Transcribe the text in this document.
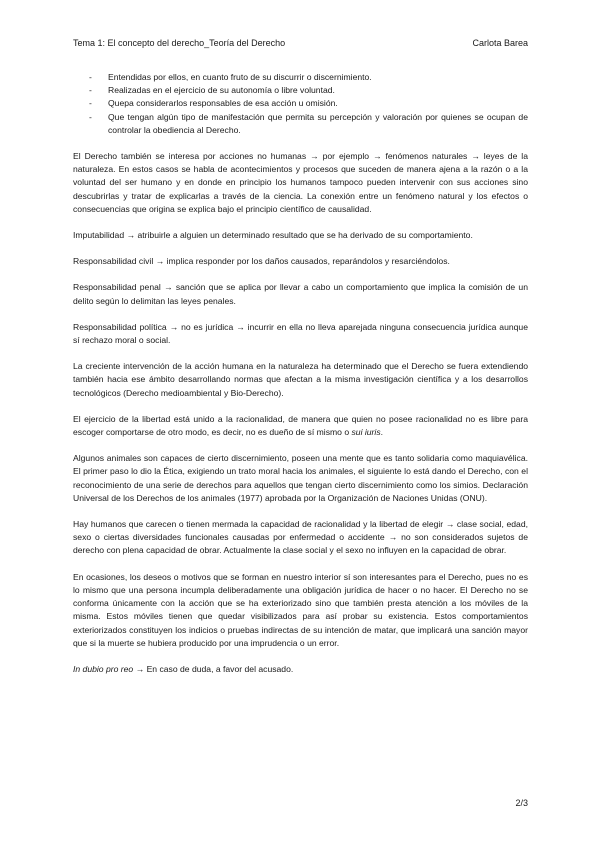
Tema 1: El concepto del derecho_Teoría del Derecho	Carlota Barea
- Entendidas por ellos, en cuanto fruto de su discurrir o discernimiento.
- Realizadas en el ejercicio de su autonomía o libre voluntad.
- Quepa considerarlos responsables de esa acción u omisión.
- Que tengan algún tipo de manifestación que permita su percepción y valoración por quienes se ocupan de controlar la obediencia al Derecho.

El Derecho también se interesa por acciones no humanas → por ejemplo → fenómenos naturales → leyes de la naturaleza. En estos casos se habla de acontecimientos y procesos que suceden de manera ajena a la razón o a la voluntad del ser humano y en donde en principio los humanos tampoco pueden intervenir con sus acciones sino descubrirlas y tratar de explicarlas a través de la ciencia. La conexión entre un fenómeno natural y los efectos o consecuencias que origina se explica bajo el principio científico de causalidad.

Imputabilidad → atribuirle a alguien un determinado resultado que se ha derivado de su comportamiento.

Responsabilidad civil → implica responder por los daños causados, reparándolos y resarciéndolos.

Responsabilidad penal → sanción que se aplica por llevar a cabo un comportamiento que implica la comisión de un delito según lo delimitan las leyes penales.

Responsabilidad política → no es jurídica → incurrir en ella no lleva aparejada ninguna consecuencia jurídica aunque sí rechazo moral o social.

La creciente intervención de la acción humana en la naturaleza ha determinado que el Derecho se fuera extendiendo también hacia ese ámbito desarrollando normas que afectan a la misma investigación científica y a los desarrollos tecnológicos (Derecho medioambiental y Bio-Derecho).

El ejercicio de la libertad está unido a la racionalidad, de manera que quien no posee racionalidad no es libre para escoger comportarse de otro modo, es decir, no es dueño de sí mismo o sui iuris.

Algunos animales son capaces de cierto discernimiento, poseen una mente que es tanto solidaria como maquiavélica. El primer paso lo dio la Ética, exigiendo un trato moral hacia los animales, el siguiente lo está dando el Derecho, con el reconocimiento de una serie de derechos para aquellos que tengan cierto discernimiento como los simios. Declaración Universal de los Derechos de los animales (1977) aprobada por la Organización de Naciones Unidas (ONU).

Hay humanos que carecen o tienen mermada la capacidad de racionalidad y la libertad de elegir → clase social, edad, sexo o ciertas diversidades funcionales causadas por enfermedad o accidente → no son considerados sujetos de derecho con plena capacidad de obrar. Actualmente la clase social y el sexo no influyen en la capacidad de obrar.

En ocasiones, los deseos o motivos que se forman en nuestro interior sí son interesantes para el Derecho, pues no es lo mismo que una persona incumpla deliberadamente una obligación jurídica de hacer o no hacer. El Derecho no se conforma únicamente con la acción que se ha exteriorizado sino que también presta atención a los móviles de la misma. Estos móviles tienen que quedar visibilizados para así probar su existencia. Estos comportamientos exteriorizados constituyen los indicios o pruebas indirectas de su intención de matar, que implicará una sanción mayor que si la muerte se hubiera producido por una imprudencia o un error.

In dubio pro reo → En caso de duda, a favor del acusado.

2/3
